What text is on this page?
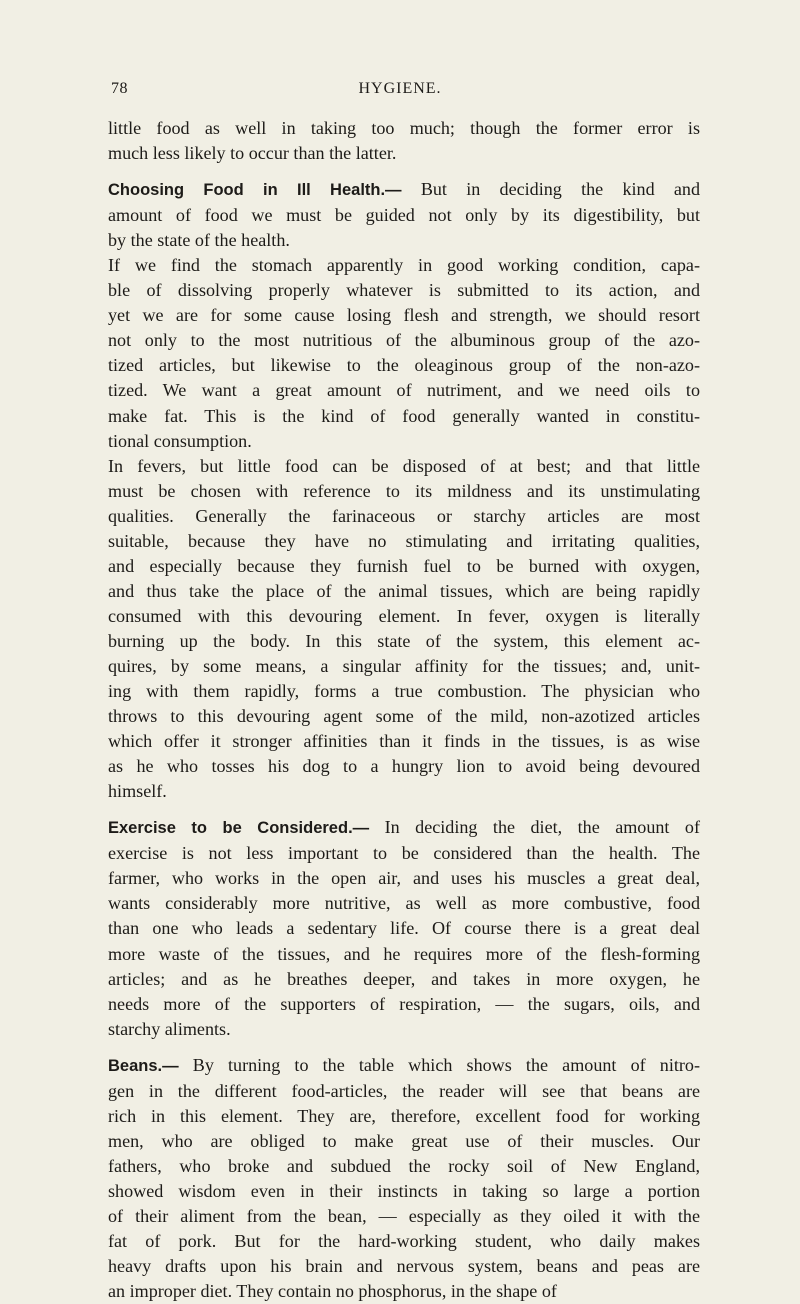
78	HYGIENE.

little food as well in taking too much; though the former error is
much less likely to occur than the latter.

Choosing Food in Ill Health.— But in deciding the kind and
amount of food we must be guided not only by its digestibility, but
by the state of the health.

If we find the stomach apparently in good working condition, capa-
ble of dissolving properly whatever is submitted to its action, and
yet we are for some cause losing flesh and strength, we should resort
not only to the most nutritious of the albuminous group of the azo-
tized articles, but likewise to the oleaginous group of the non-azo-
tized. We want a great amount of nutriment, and we need oils to
make fat. This is the kind of food generally wanted in constitu-
tional consumption.

In fevers, but little food can be disposed of at best; and that little
must be chosen with reference to its mildness and its unstimulating
qualities. Generally the farinaceous or starchy articles are most
suitable, because they have no stimulating and irritating qualities,
and especially because they furnish fuel to be burned with oxygen,
and thus take the place of the animal tissues, which are being rapidly
consumed with this devouring element. In fever, oxygen is literally
burning up the body. In this state of the system, this element ac-
quires, by some means, a singular affinity for the tissues; and, unit-
ing with them rapidly, forms a true combustion. The physician who
throws to this devouring agent some of the mild, non-azotized articles
which offer it stronger affinities than it finds in the tissues, is as wise
as he who tosses his dog to a hungry lion to avoid being devoured
himself.

Exercise to be Considered.— In deciding the diet, the amount of
exercise is not less important to be considered than the health. The
farmer, who works in the open air, and uses his muscles a great deal,
wants considerably more nutritive, as well as more combustive, food
than one who leads a sedentary life. Of course there is a great deal
more waste of the tissues, and he requires more of the flesh-forming
articles; and as he breathes deeper, and takes in more oxygen, he
needs more of the supporters of respiration, — the sugars, oils, and
starchy aliments.

Beans.— By turning to the table which shows the amount of nitro-
gen in the different food-articles, the reader will see that beans are
rich in this element. They are, therefore, excellent food for working
men, who are obliged to make great use of their muscles. Our
fathers, who broke and subdued the rocky soil of New England,
showed wisdom even in their instincts in taking so large a portion
of their aliment from the bean, — especially as they oiled it with the
fat of pork. But for the hard-working student, who daily makes
heavy drafts upon his brain and nervous system, beans and peas are
an improper diet. They contain no phosphorus, in the shape of
